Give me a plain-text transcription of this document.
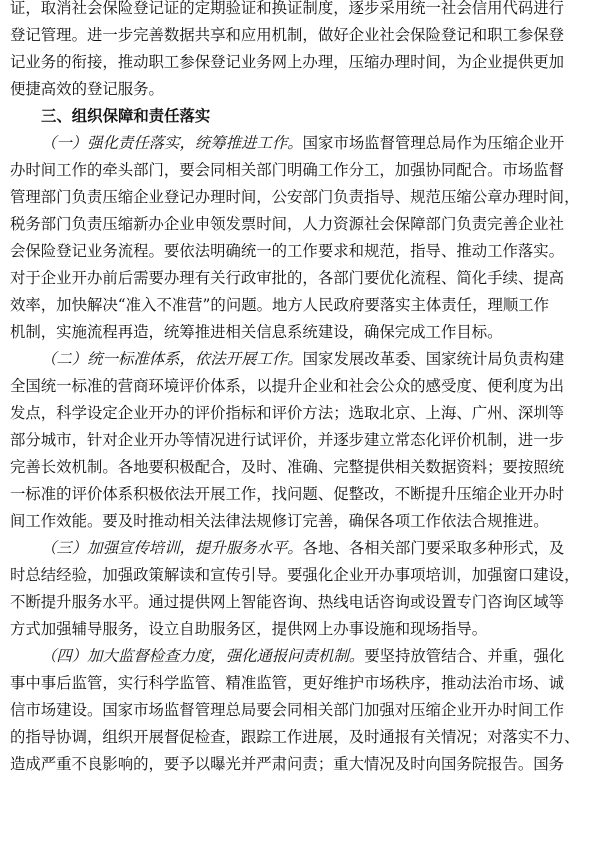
证，取消社会保险登记证的定期验证和换证制度，逐步采用统一社会信用代码进行
登记管理。进一步完善数据共享和应用机制，做好企业社会保险登记和职工参保登
记业务的衔接，推动职工参保登记业务网上办理，压缩办理时间，为企业提供更加
便捷高效的登记服务。
三、组织保障和责任落实
（一）强化责任落实，统筹推进工作。国家市场监督管理总局作为压缩企业开
办时间工作的牵头部门，要会同相关部门明确工作分工，加强协同配合。市场监督
管理部门负责压缩企业登记办理时间，公安部门负责指导、规范压缩公章办理时间，
税务部门负责压缩新办企业申领发票时间，人力资源社会保障部门负责完善企业社
会保险登记业务流程。要依法明确统一的工作要求和规范，指导、推动工作落实。
对于企业开办前后需要办理有关行政审批的，各部门要优化流程、简化手续、提高
效率，加快解决“准入不准营”的问题。地方人民政府要落实主体责任，理顺工作
机制，实施流程再造，统筹推进相关信息系统建设，确保完成工作目标。
（二）统一标准体系，依法开展工作。国家发展改革委、国家统计局负责构建
全国统一标准的营商环境评价体系，以提升企业和社会公众的感受度、便利度为出
发点，科学设定企业开办的评价指标和评价方法；选取北京、上海、广州、深圳等
部分城市，针对企业开办等情况进行试评价，并逐步建立常态化评价机制，进一步
完善长效机制。各地要积极配合，及时、准确、完整提供相关数据资料；要按照统
一标准的评价体系积极依法开展工作，找问题、促整改，不断提升压缩企业开办时
间工作效能。要及时推动相关法律法规修订完善，确保各项工作依法合规推进。
（三）加强宣传培训，提升服务水平。各地、各相关部门要采取多种形式，及
时总结经验，加强政策解读和宣传引导。要强化企业开办事项培训，加强窗口建设，
不断提升服务水平。通过提供网上智能咨询、热线电话咨询或设置专门咨询区域等
方式加强辅导服务，设立自助服务区，提供网上办事设施和现场指导。
（四）加大监督检查力度，强化通报问责机制。要坚持放管结合、并重，强化
事中事后监管，实行科学监管、精准监管，更好维护市场秩序，推动法治市场、诚
信市场建设。国家市场监督管理总局要会同相关部门加强对压缩企业开办时间工作
的指导协调，组织开展督促检查，跟踪工作进展，及时通报有关情况；对落实不力、
造成严重不良影响的，要予以曝光并严肃问责；重大情况及时向国务院报告。国务
